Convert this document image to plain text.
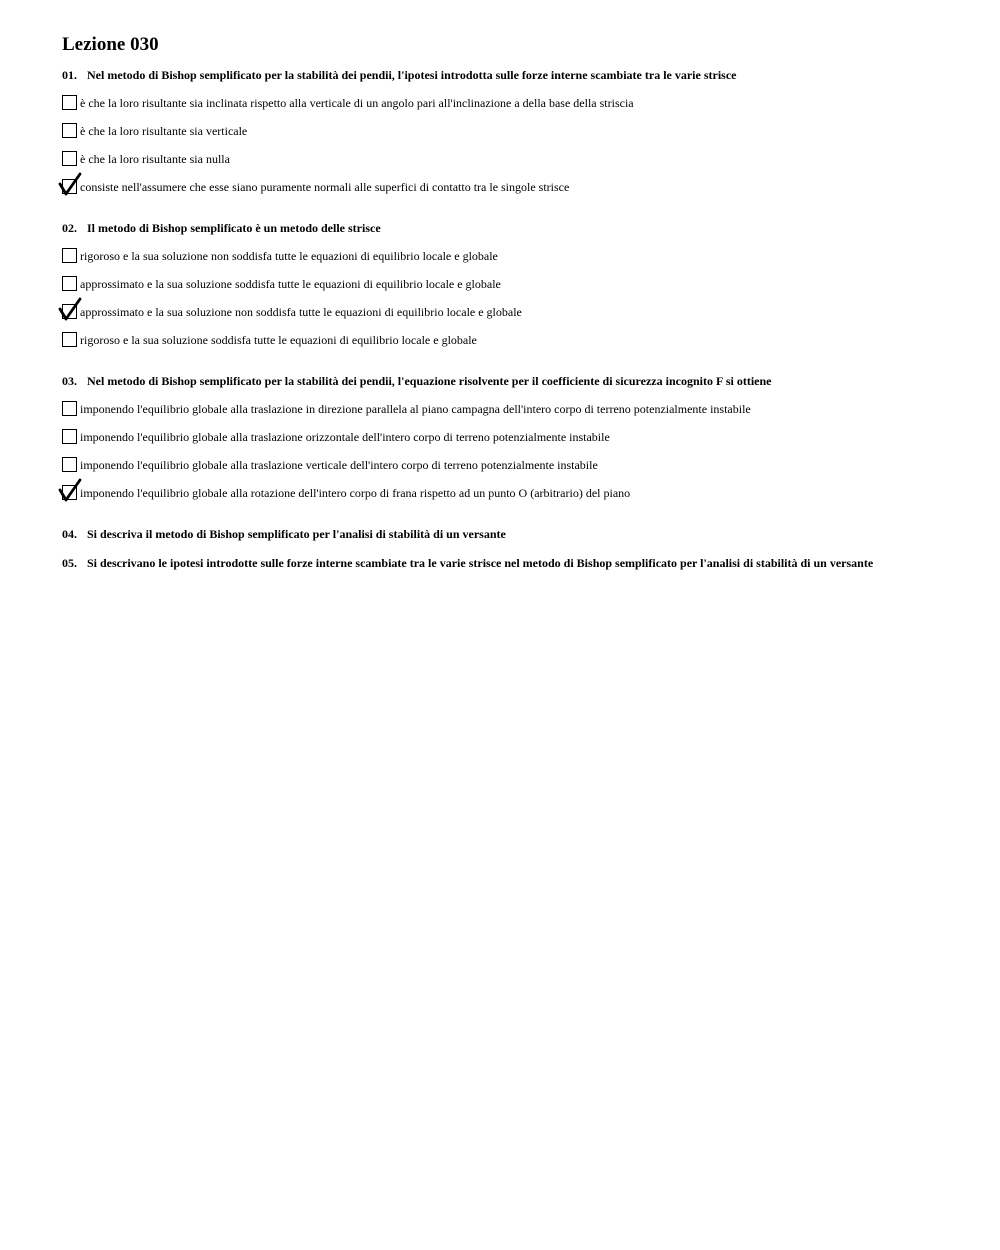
Lezione 030
01. Nel metodo di Bishop semplificato per la stabilità dei pendii, l'ipotesi introdotta sulle forze interne scambiate tra le varie strisce
è che la loro risultante sia inclinata rispetto alla verticale di un angolo pari all'inclinazione a della base della striscia
è che la loro risultante sia verticale
è che la loro risultante sia nulla
consiste nell'assumere che esse siano puramente normali alle superfici di contatto tra le singole strisce
02. Il metodo di Bishop semplificato è un metodo delle strisce
rigoroso e la sua soluzione non soddisfa tutte le equazioni di equilibrio locale e globale
approssimato e la sua soluzione soddisfa tutte le equazioni di equilibrio locale e globale
approssimato e la sua soluzione non soddisfa tutte le equazioni di equilibrio locale e globale
rigoroso e la sua soluzione soddisfa tutte le equazioni di equilibrio locale e globale
03. Nel metodo di Bishop semplificato per la stabilità dei pendii, l'equazione risolvente per il coefficiente di sicurezza incognito F si ottiene
imponendo l'equilibrio globale alla traslazione in direzione parallela al piano campagna dell'intero corpo di terreno potenzialmente instabile
imponendo l'equilibrio globale alla traslazione orizzontale dell'intero corpo di terreno potenzialmente instabile
imponendo l'equilibrio globale alla traslazione verticale dell'intero corpo di terreno potenzialmente instabile
imponendo l'equilibrio globale alla rotazione dell'intero corpo di frana rispetto ad un punto O (arbitrario) del piano
04. Si descriva il metodo di Bishop semplificato per l'analisi di stabilità di un versante
05. Si descrivano le ipotesi introdotte sulle forze interne scambiate tra le varie strisce nel metodo di Bishop semplificato per l'analisi di stabilità di un versante
